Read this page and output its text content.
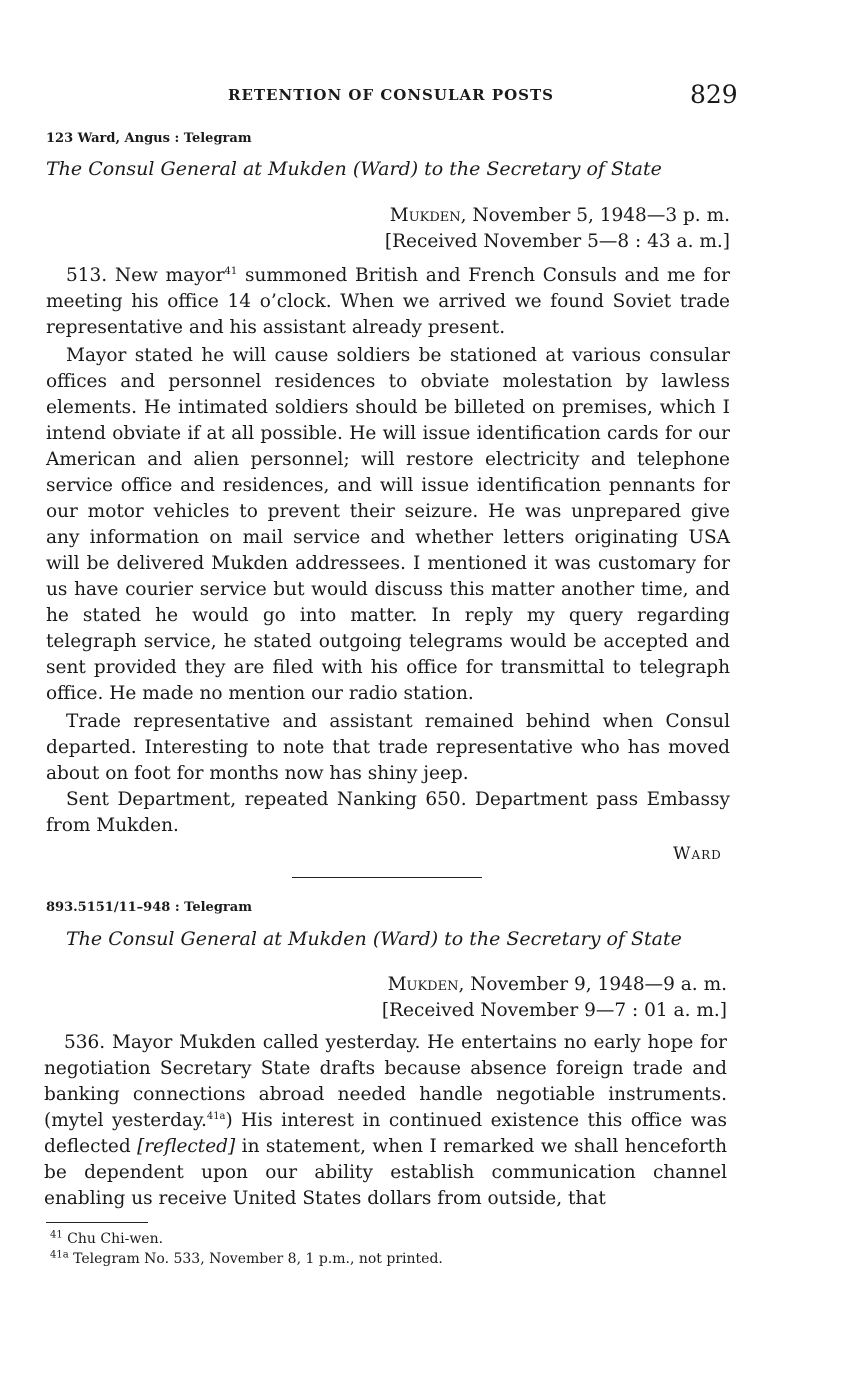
RETENTION OF CONSULAR POSTS	829
123 Ward, Angus : Telegram
The Consul General at Mukden (Ward) to the Secretary of State
Mukden, November 5, 1948—3 p. m.
[Received November 5—8 : 43 a. m.]

513. New mayor$^{41}$ summoned British and French Consuls and me for meeting his office 14 o’clock. When we arrived we found Soviet trade representative and his assistant already present.

Mayor stated he will cause soldiers be stationed at various consular offices and personnel residences to obviate molestation by lawless elements. He intimated soldiers should be billeted on premises, which I intend obviate if at all possible. He will issue identification cards for our American and alien personnel; will restore electricity and telephone service office and residences, and will issue identification pennants for our motor vehicles to prevent their seizure. He was unprepared give any information on mail service and whether letters originating USA will be delivered Mukden addressees. I mentioned it was customary for us have courier service but would discuss this matter another time, and he stated he would go into matter. In reply my query regarding telegraph service, he stated outgoing telegrams would be accepted and sent provided they are filed with his office for transmittal to telegraph office. He made no mention our radio station.

Trade representative and assistant remained behind when Consul departed. Interesting to note that trade representative who has moved about on foot for months now has shiny jeep.

Sent Department, repeated Nanking 650. Department pass Embassy from Mukden.

Ward
893.5151/11–948 : Telegram
The Consul General at Mukden (Ward) to the Secretary of State
Mukden, November 9, 1948—9 a. m.
[Received November 9—7 : 01 a. m.]

536. Mayor Mukden called yesterday. He entertains no early hope for negotiation Secretary State drafts because absence foreign trade and banking connections abroad needed handle negotiable instruments. (mytel yesterday.$^{41a}$) His interest in continued existence this office was deflected [reflected] in statement, when I remarked we shall henceforth be dependent upon our ability establish communication channel enabling us receive United States dollars from outside, that

$^{41}$ Chu Chi-wen.
$^{41a}$ Telegram No. 533, November 8, 1 p.m., not printed.
